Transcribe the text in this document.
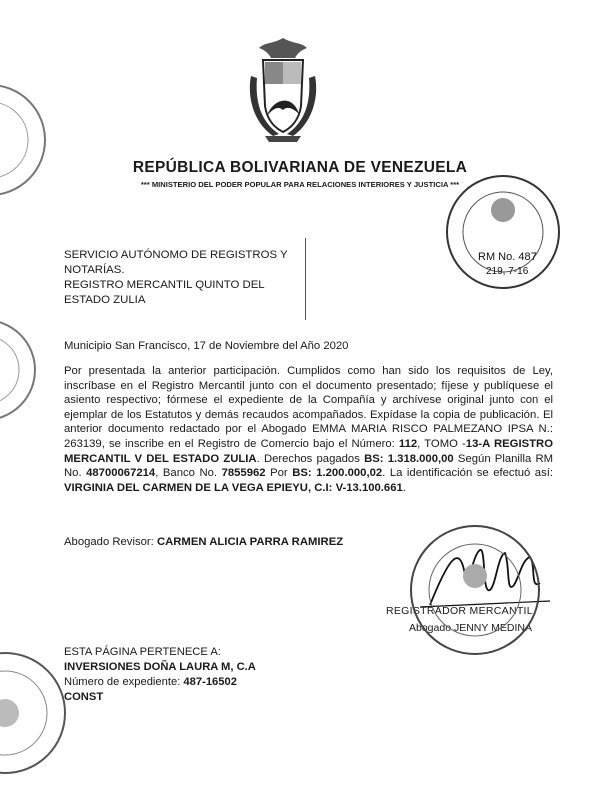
REPÚBLICA BOLIVARIANA DE VENEZUELA
*** MINISTERIO DEL PODER POPULAR PARA RELACIONES INTERIORES Y JUSTICIA ***
SERVICIO AUTÓNOMO DE REGISTROS Y
NOTARÍAS.
REGISTRO MERCANTIL QUINTO DEL
ESTADO ZULIA
Municipio San Francisco, 17 de Noviembre del Año 2020
Por presentada la anterior participación. Cumplidos como han sido los requisitos de Ley, inscríbase en el Registro Mercantil junto con el documento presentado; fíjese y publíquese el asiento respectivo; fórmese el expediente de la Compañía y archívese original junto con el ejemplar de los Estatutos y demás recaudos acompañados. Expídase la copia de publicación. El anterior documento redactado por el Abogado EMMA MARIA RISCO PALMEZANO IPSA N.: 263139, se inscribe en el Registro de Comercio bajo el Número: 112, TOMO -13-A REGISTRO MERCANTIL V DEL ESTADO ZULIA. Derechos pagados BS: 1.318.000,00 Según Planilla RM No. 48700067214, Banco No. 7855962 Por BS: 1.200.000,02. La identificación se efectuó así: VIRGINIA DEL CARMEN DE LA VEGA EPIEYU, C.I: V-13.100.661.
Abogado Revisor: CARMEN ALICIA PARRA RAMIREZ
REGISTRADOR MERCANTIL
Abogado JENNY MEDINA
ESTA PÁGINA PERTENECE A:
INVERSIONES DOÑA LAURA M, C.A
Número de expediente: 487-16502
CONST
RM No. 487
219, 7-16
